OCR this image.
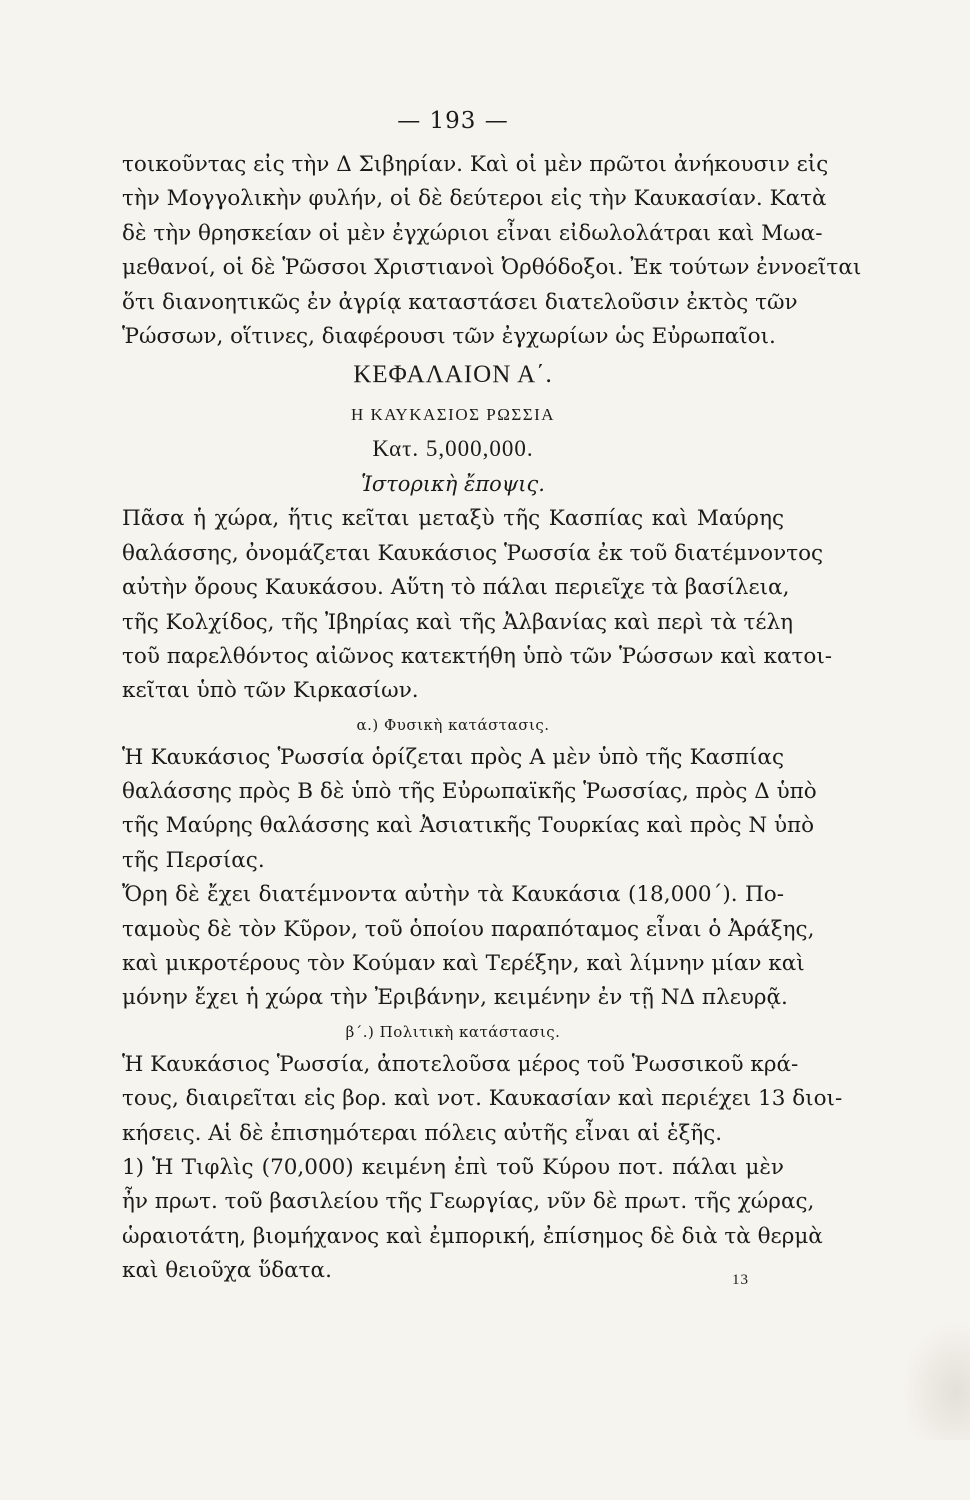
— 193 —
τοικοῦντας εἰς τὴν Δ Σιβηρίαν. Καὶ οἱ μὲν πρῶτοι ἀνήκουσιν εἰς
τὴν Μογγολικὴν φυλήν, οἱ δὲ δεύτεροι εἰς τὴν Καυκασίαν. Κατὰ
δὲ τὴν θρησκείαν οἱ μὲν ἐγχώριοι εἶναι εἰδωλολάτραι καὶ Μωα-
μεθανοί, οἱ δὲ Ῥῶσσοι Χριστιανοὶ Ὀρθόδοξοι. Ἐκ τούτων ἐννοεῖται
ὅτι διανοητικῶς ἐν ἀγρίᾳ καταστάσει διατελοῦσιν ἐκτὸς τῶν
Ῥώσσων, οἵτινες, διαφέρουσι τῶν ἐγχωρίων ὡς Εὐρωπαῖοι.
ΚΕΦΑΛΑΙΟΝ Α΄.
Η ΚΑΥΚΑΣΙΟΣ ΡΩΣΣΙΑ
Κατ. 5,000,000.
Ἱστορικὴ ἔποψις.
Πᾶσα ἡ χώρα, ἥτις κεῖται μεταξὺ τῆς Κασπίας καὶ Μαύρης
θαλάσσης, ὀνομάζεται Καυκάσιος Ῥωσσία ἐκ τοῦ διατέμνοντος
αὐτὴν ὄρους Καυκάσου. Αὕτη τὸ πάλαι περιεῖχε τὰ βασίλεια,
τῆς Κολχίδος, τῆς Ἰβηρίας καὶ τῆς Ἀλβανίας καὶ περὶ τὰ τέλη
τοῦ παρελθόντος αἰῶνος κατεκτήθη ὑπὸ τῶν Ῥώσσων καὶ κατοι-
κεῖται ὑπὸ τῶν Κιρκασίων.
α.) Φυσικὴ κατάστασις.
Ἡ Καυκάσιος Ῥωσσία ὁρίζεται πρὸς Α μὲν ὑπὸ τῆς Κασπίας
θαλάσσης πρὸς Β δὲ ὑπὸ τῆς Εὐρωπαϊκῆς Ῥωσσίας, πρὸς Δ ὑπὸ
τῆς Μαύρης θαλάσσης καὶ Ἀσιατικῆς Τουρκίας καὶ πρὸς Ν ὑπὸ
τῆς Περσίας.
Ὄρη δὲ ἔχει διατέμνοντα αὐτὴν τὰ Καυκάσια (18,000΄). Πο-
ταμοὺς δὲ τὸν Κῦρον, τοῦ ὁποίου παραπόταμος εἶναι ὁ Ἀράξης,
καὶ μικροτέρους τὸν Κούμαν καὶ Τερέξην, καὶ λίμνην μίαν καὶ
μόνην ἔχει ἡ χώρα τὴν Ἐριβάνην, κειμένην ἐν τῇ ΝΔ πλευρᾷ.
β΄.) Πολιτικὴ κατάστασις.
Ἡ Καυκάσιος Ῥωσσία, ἀποτελοῦσα μέρος τοῦ Ῥωσσικοῦ κρά-
τους, διαιρεῖται εἰς βορ. καὶ νοτ. Καυκασίαν καὶ περιέχει 13 διοι-
κήσεις. Αἱ δὲ ἐπισημότεραι πόλεις αὐτῆς εἶναι αἱ ἑξῆς.
1) Ἡ Τιφλὶς (70,000) κειμένη ἐπὶ τοῦ Κύρου ποτ. πάλαι μὲν
ἦν πρωτ. τοῦ βασιλείου τῆς Γεωργίας, νῦν δὲ πρωτ. τῆς χώρας,
ὡραιοτάτη, βιομήχανος καὶ ἐμπορική, ἐπίσημος δὲ διὰ τὰ θερμὰ
καὶ θειοῦχα ὕδατα.	13
